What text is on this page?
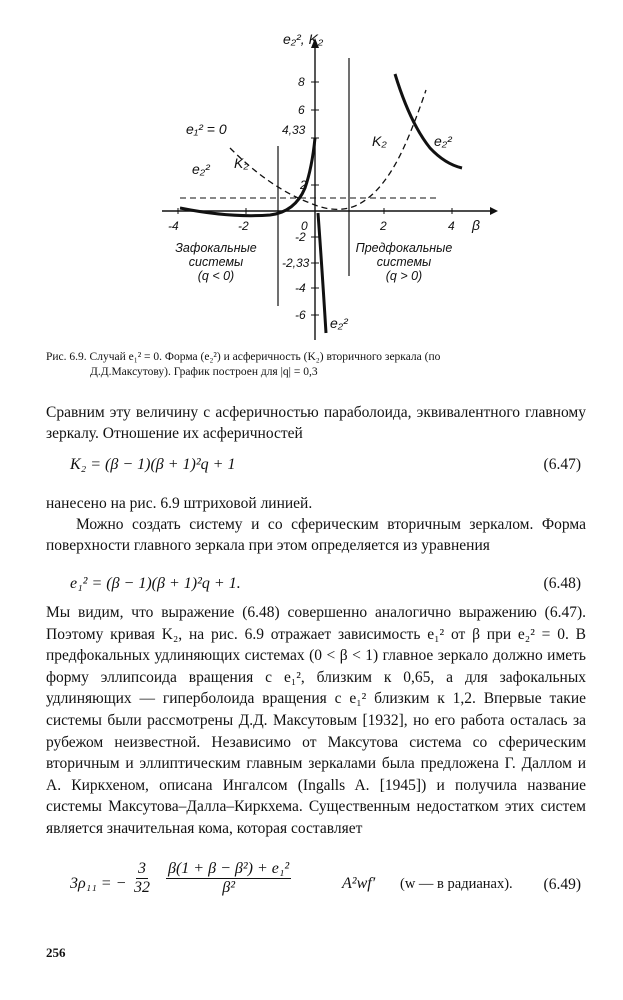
-4	-2	0	2	4
8
6
4,33
2
-2
-2,33
-4
-6
e₂², K₂
β
e₁² = 0
e₂² K₂
K₂	e₂²
e₂²
Зафокальные
системы
(q < 0)
Предфокальные
системы
(q > 0)
Рис. 6.9. Случай e₁² = 0. Форма (e₂²) и асферичность (K₂) вторичного зеркала (по
Д.Д.Максутову). График построен для |q| = 0,3

Сравним эту величину с асферичностью параболоида, эквивалентного главному зеркалу. Отношение их асферичностей

K₂ = (β − 1)(β + 1)²q + 1	(6.47)

нанесено на рис. 6.9 штриховой линией.

Можно создать систему и со сферическим вторичным зеркалом. Форма поверхности главного зеркала при этом определяется из уравнения

e₁² = (β − 1)(β + 1)²q + 1.	(6.48)

Мы видим, что выражение (6.48) совершенно аналогично выражению (6.47). Поэтому кривая K₂, на рис. 6.9 отражает зависимость e₁² от β при e₂² = 0. В предфокальных удлиняющих системах (0 < β < 1) главное зеркало должно иметь форму эллипсоида вращения с e₁², близким к 0,65, а для зафокальных удлиняющих — гиперболоида вращения с e₁² близким к 1,2. Впервые такие системы были рассмотрены Д.Д. Максутовым [1932], но его работа осталась за рубежом неизвестной. Независимо от Максутова система со сферическим вторичным и эллиптическим главным зеркалами была предложена Г. Даллом и А. Киркхеном, описана Ингалсом (Ingalls A. [1945]) и получила название системы Максутова–Далла–Киркхема. Существенным недостатком этих систем является значительная кома, которая составляет

3ρ₁₁ = − $\frac{3}{32} \frac{\text{β(1 + β − β²) + e₁²}}{\text{β²}}$	A²wf′ (w — в радианах). (6.49)
256
